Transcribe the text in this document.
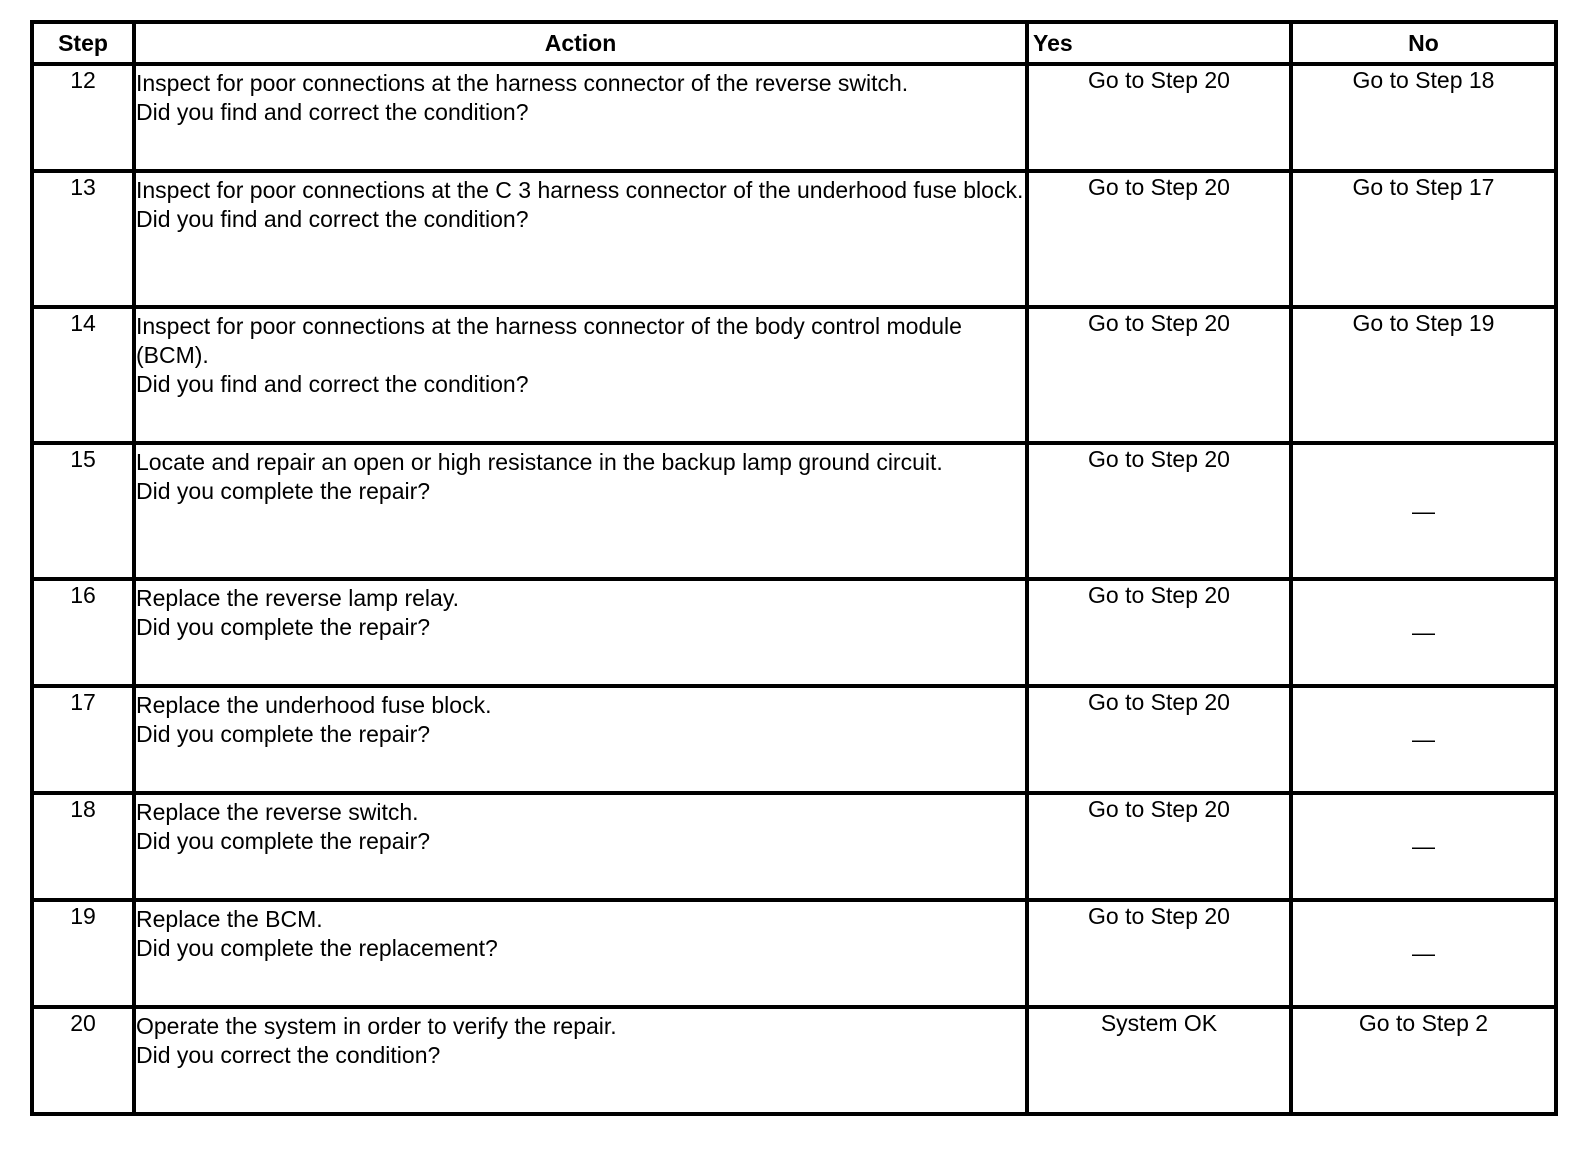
Step	Action	Yes	No
12	Inspect for poor connections at the harness connector of the reverse switch.
Did you find and correct the condition?	Go to Step 20	Go to Step 18
13	Inspect for poor connections at the C 3 harness connector of the underhood fuse block.
Did you find and correct the condition?	Go to Step 20	Go to Step 17
14	Inspect for poor connections at the harness connector of the body control module (BCM).
Did you find and correct the condition?	Go to Step 20	Go to Step 19
15	Locate and repair an open or high resistance in the backup lamp ground circuit.
Did you complete the repair?	Go to Step 20	—
16	Replace the reverse lamp relay.
Did you complete the repair?	Go to Step 20	—
17	Replace the underhood fuse block.
Did you complete the repair?	Go to Step 20	—
18	Replace the reverse switch.
Did you complete the repair?	Go to Step 20	—
19	Replace the BCM.
Did you complete the replacement?	Go to Step 20	—
20	Operate the system in order to verify the repair.
Did you correct the condition?	System OK	Go to Step 2
